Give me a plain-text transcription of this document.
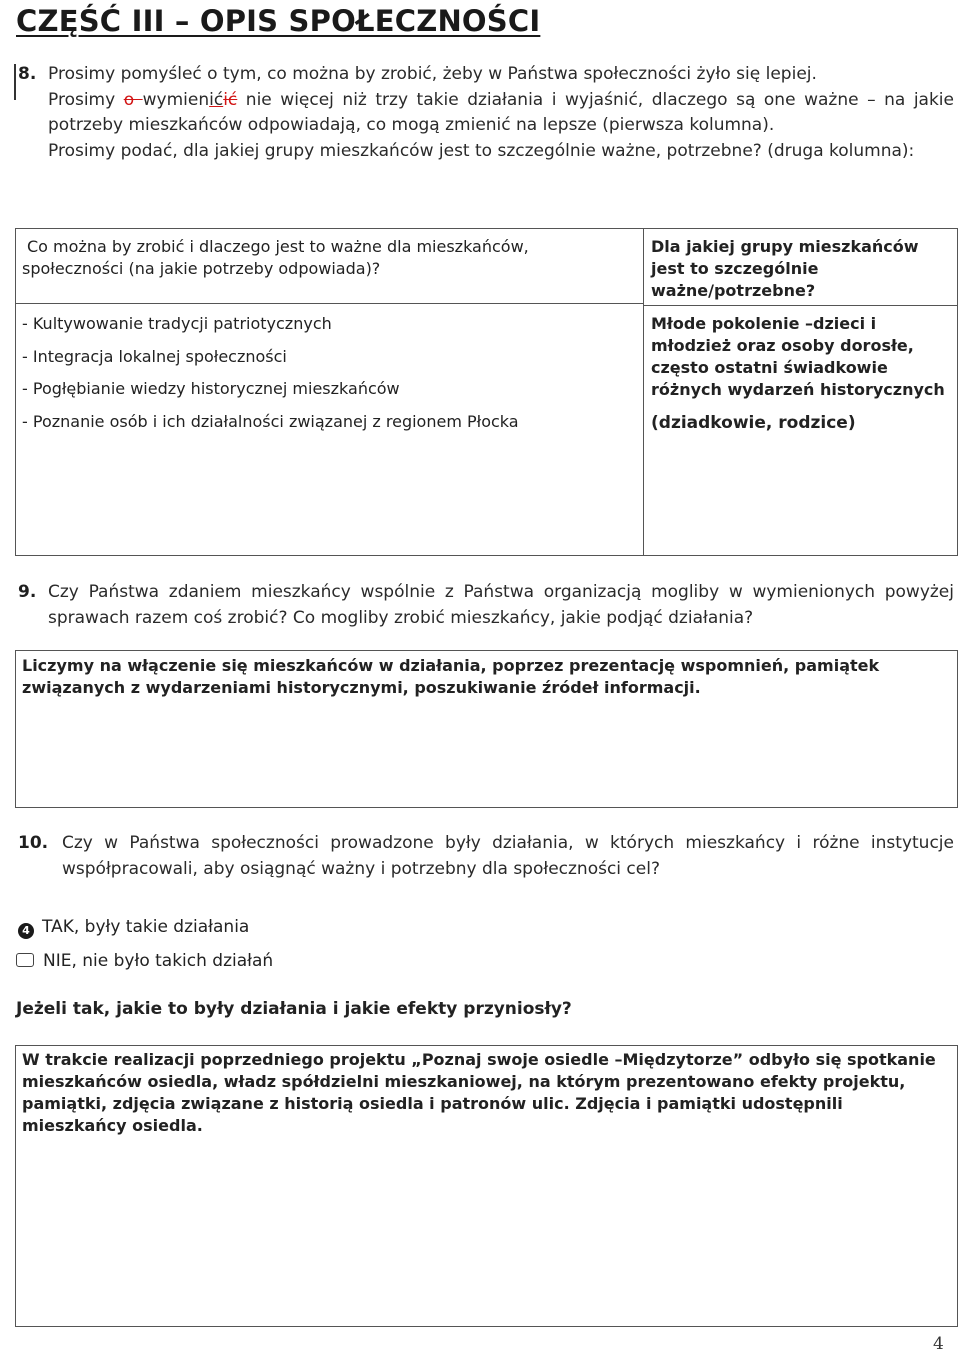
CZĘŚĆ III – OPIS SPOŁECZNOŚCI
8. Prosimy pomyśleć o tym, co można by zrobić, żeby w Państwa społeczności żyło się lepiej.
Prosimy o wymienićić nie więcej niż trzy takie działania i wyjaśnić, dlaczego są one ważne – na jakie potrzeby mieszkańców odpowiadają, co mogą zmienić na lepsze (pierwsza kolumna).
Prosimy podać, dla jakiej grupy mieszkańców jest to szczególnie ważne, potrzebne? (druga kolumna):
Co można by zrobić i dlaczego jest to ważne dla mieszkańców, społeczności (na jakie potrzeby odpowiada)?
Dla jakiej grupy mieszkańców jest to szczególnie ważne/potrzebne?
- Kultywowanie tradycji patriotycznych
- Integracja lokalnej społeczności
- Pogłębianie wiedzy historycznej mieszkańców
- Poznanie osób i ich działalności związanej z regionem Płocka
Młode pokolenie –dzieci i młodzież oraz osoby dorosłe, często ostatni świadkowie różnych wydarzeń historycznych
(dziadkowie, rodzice)
9. Czy Państwa zdaniem mieszkańcy wspólnie z Państwa organizacją mogliby w wymienionych powyżej sprawach razem coś zrobić? Co mogliby zrobić mieszkańcy, jakie podjąć działania?
Liczymy na włączenie się mieszkańców w działania, poprzez prezentację wspomnień, pamiątek związanych z wydarzeniami historycznymi, poszukiwanie źródeł informacji.
10. Czy w Państwa społeczności prowadzone były działania, w których mieszkańcy i różne instytucje współpracowali, aby osiągnąć ważny i potrzebny dla społeczności cel?
4 TAK, były takie działania
NIE, nie było takich działań
Jeżeli tak, jakie to były działania i jakie efekty przyniosły?
W trakcie realizacji poprzedniego projektu „Poznaj swoje osiedle –Międzytorze” odbyło się spotkanie mieszkańców osiedla, władz spółdzielni mieszkaniowej, na którym prezentowano efekty projektu, pamiątki, zdjęcia związane z historią osiedla i patronów ulic. Zdjęcia i pamiątki udostępnili mieszkańcy osiedla.
4
